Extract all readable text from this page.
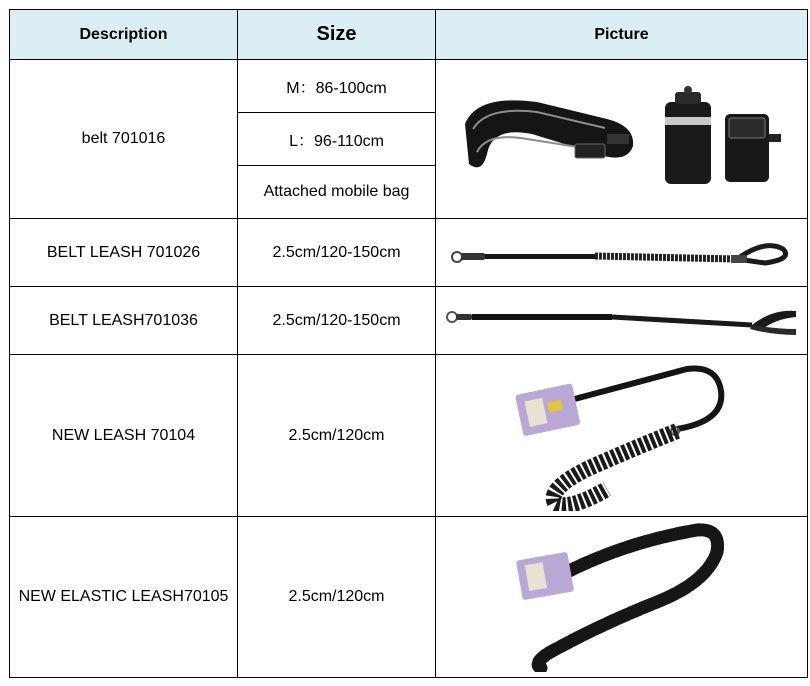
Description	Size	Picture
belt 701016	M：86-100cm	

	L：96-110cm	
	Attached mobile bag	
BELT LEASH 701026	2.5cm/120-150cm	

BELT LEASH701036	2.5cm/120-150cm	

NEW LEASH 70104	2.5cm/120cm	

NEW ELASTIC LEASH70105	2.5cm/120cm	
